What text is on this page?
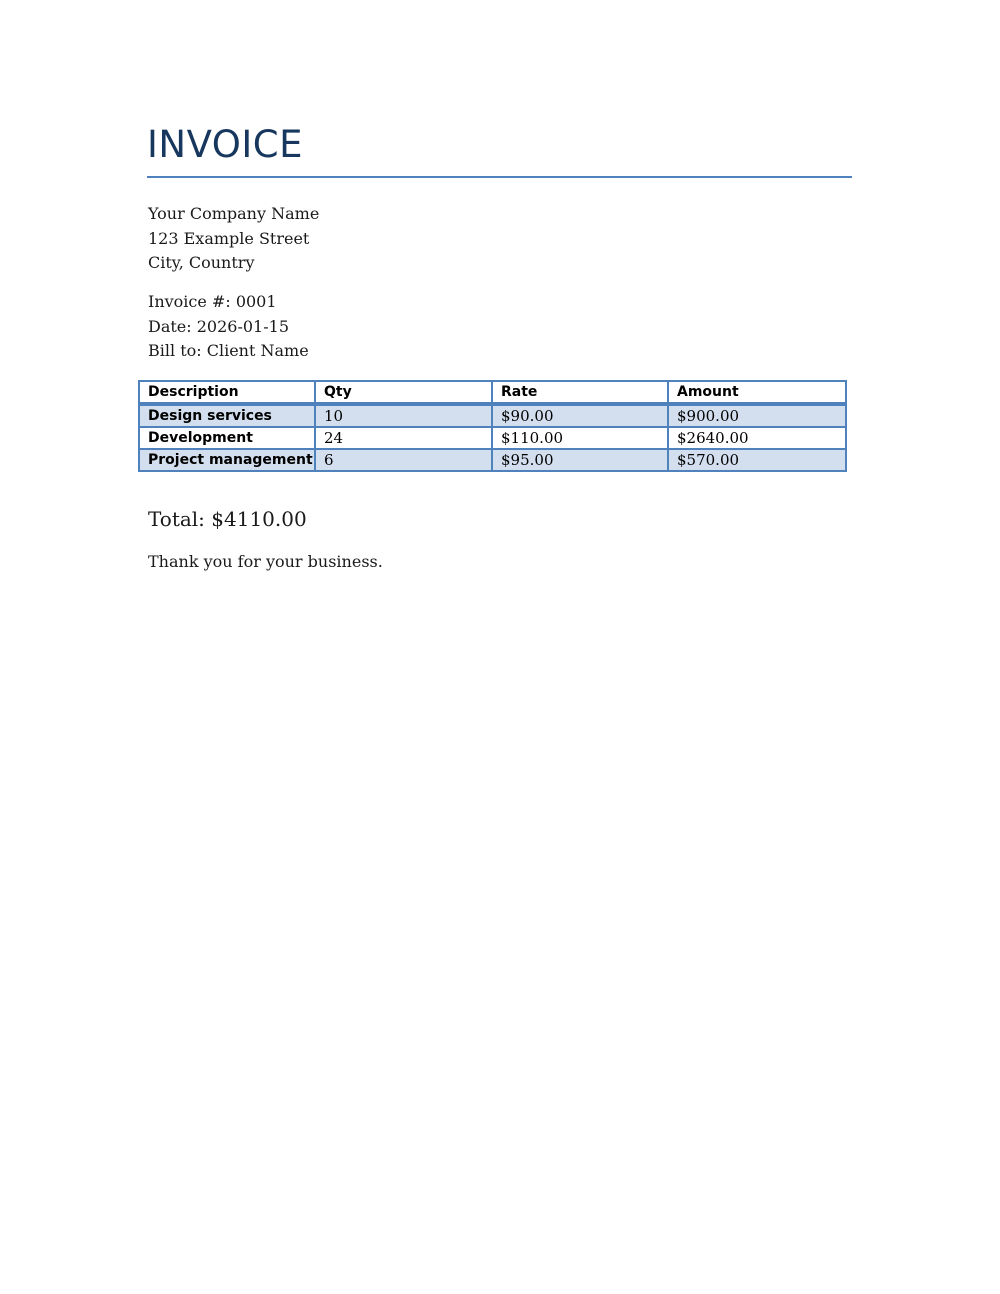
INVOICE
Your Company Name
123 Example Street
City, Country
Invoice #: 0001
Date: 2026-01-15
Bill to: Client Name
Description	Qty	Rate	Amount
Design services	10	$90.00	$900.00
Development	24	$110.00	$2640.00
Project management	6	$95.00	$570.00
Total: $4110.00
Thank you for your business.
